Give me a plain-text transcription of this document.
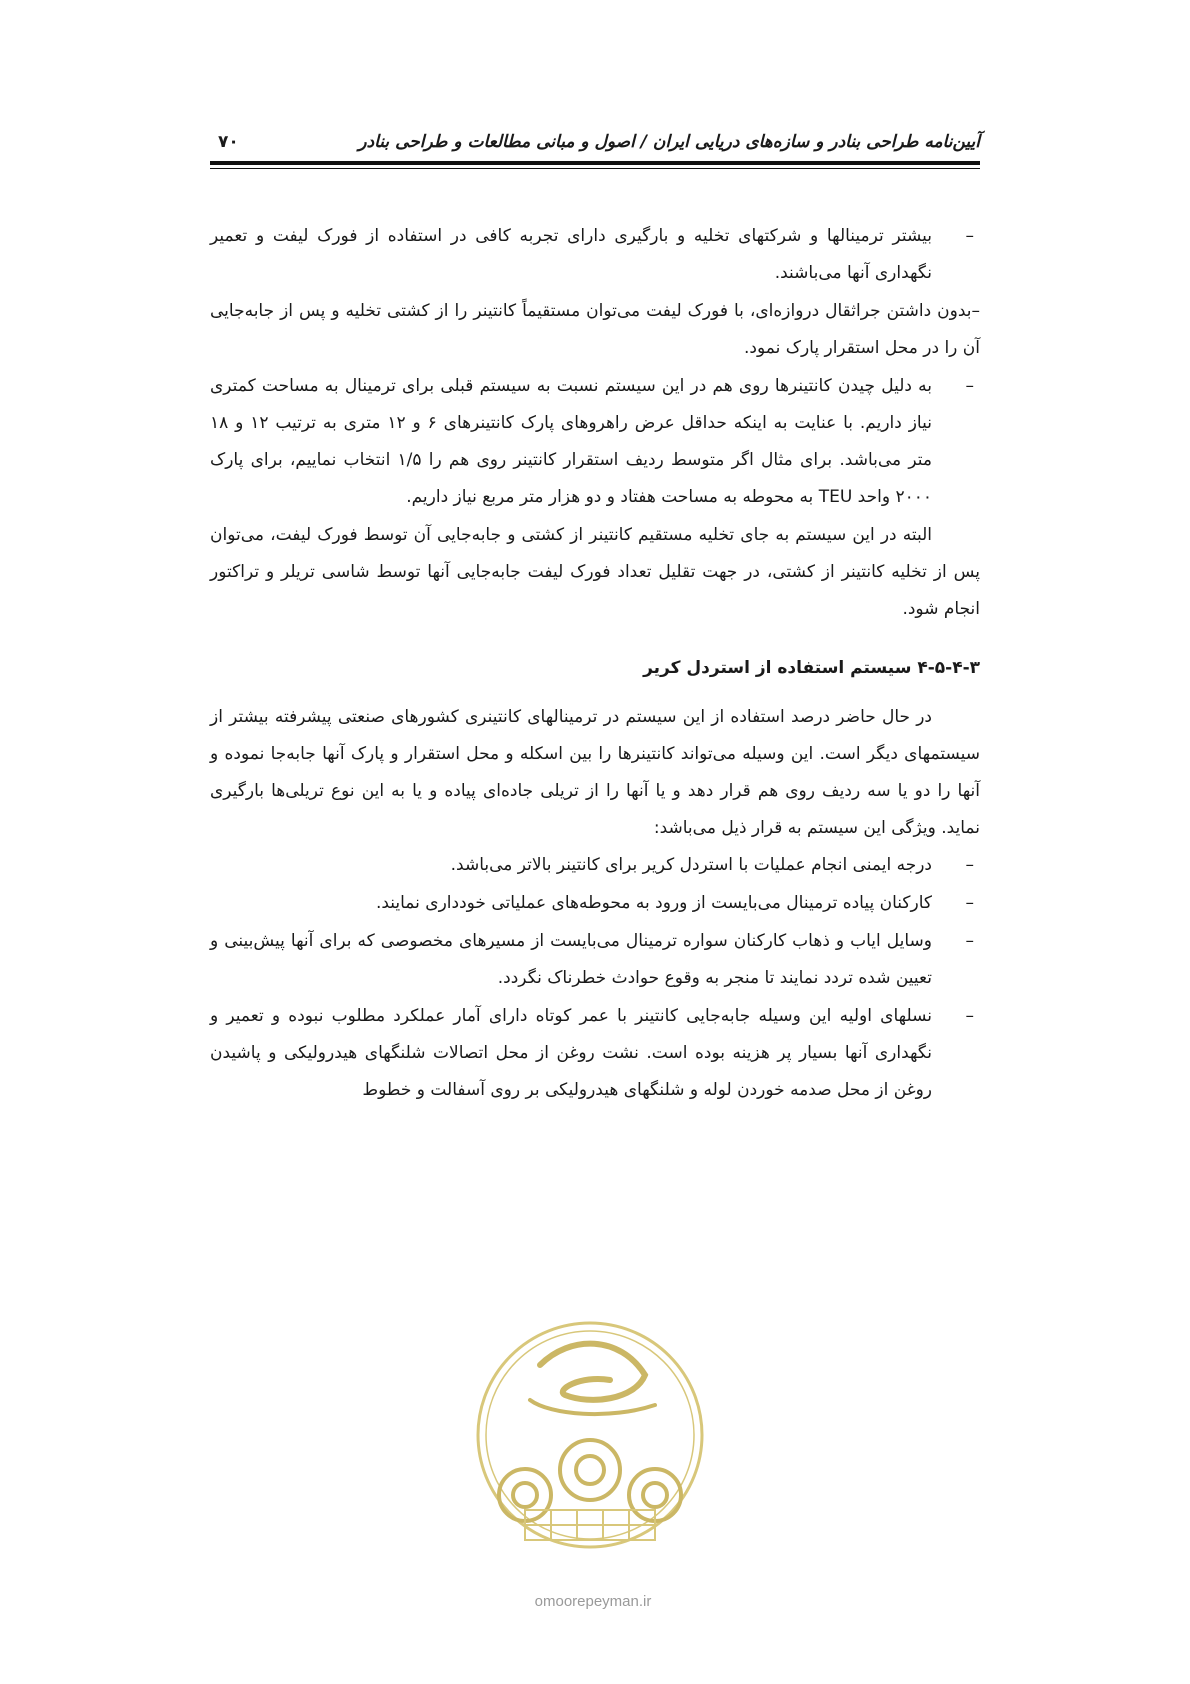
آیین‌نامه طراحی بنادر و سازه‌های دریایی ایران / اصول و مبانی مطالعات و طراحی بنادر
۷۰
–
بیشتر ترمینالها و شرکتهای تخلیه و بارگیری دارای تجربه کافی در استفاده از فورک لیفت و تعمیر نگهداری آنها می‌باشند.
–بدون داشتن جراثقال دروازه‌ای، با فورک لیفت می‌توان مستقیماً کانتینر را از کشتی تخلیه و پس از جابه‌جایی آن را در محل استقرار پارک نمود.
–
به دلیل چیدن کانتینرها روی هم در این سیستم نسبت به سیستم قبلی برای ترمینال به مساحت کمتری نیاز داریم. با عنایت به اینکه حداقل عرض راهروهای پارک کانتینرهای ۶ و ۱۲ متری به ترتیب ۱۲ و ۱۸ متر می‌باشد. برای مثال اگر متوسط ردیف استقرار کانتینر روی هم را ۱/۵ انتخاب نماییم، برای پارک ۲۰۰۰ واحد TEU به محوطه به مساحت هفتاد و دو هزار متر مربع نیاز داریم.

البته در این سیستم به جای تخلیه مستقیم کانتینر از کشتی و جابه‌جایی آن توسط فورک لیفت، می‌توان پس از تخلیه کانتینر از کشتی، در جهت تقلیل تعداد فورک لیفت جابه‌جایی آنها توسط شاسی تریلر و تراکتور انجام شود.

۴-۵-۴-۳ سیستم استفاده از استردل کریر

در حال حاضر درصد استفاده از این سیستم در ترمینالهای کانتینری کشورهای صنعتی پیشرفته بیشتر از سیستمهای دیگر است. این وسیله می‌تواند کانتینرها را بین اسکله و محل استقرار و پارک آنها جابه‌جا نموده و آنها را دو یا سه ردیف روی هم قرار دهد و یا آنها را از تریلی جاده‌ای پیاده و یا به این نوع تریلی‌ها بارگیری نماید. ویژگی این سیستم به قرار ذیل می‌باشد:

–
درجه ایمنی انجام عملیات با استردل کریر برای کانتینر بالاتر می‌باشد.
–
کارکنان پیاده ترمینال می‌بایست از ورود به محوطه‌های عملیاتی خودداری نمایند.
–
وسایل ایاب و ذهاب کارکنان سواره ترمینال می‌بایست از مسیرهای مخصوصی که برای آنها پیش‌بینی و تعیین شده تردد نمایند تا منجر به وقوع حوادث خطرناک نگردد.
–
نسلهای اولیه این وسیله جابه‌جایی کانتینر با عمر کوتاه دارای آمار عملکرد مطلوب نبوده و تعمیر و نگهداری آنها بسیار پر هزینه بوده است. نشت روغن از محل اتصالات شلنگهای هیدرولیکی و پاشیدن روغن از محل صدمه خوردن لوله و شلنگهای هیدرولیکی بر روی آسفالت و خطوط
omoorepeyman.ir
